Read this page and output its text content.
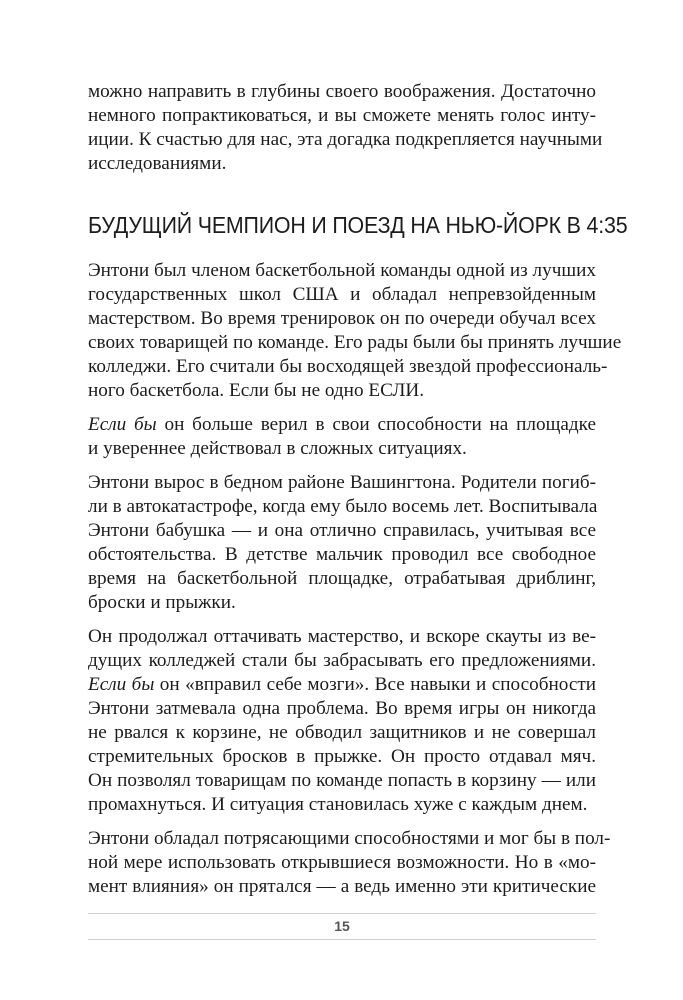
можно направить в глубины своего воображения. Достаточно
немного попрактиковаться, и вы сможете менять голос инту-
иции. К счастью для нас, эта догадка подкрепляется научными
исследованиями.
БУДУЩИЙ ЧЕМПИОН И ПОЕЗД НА НЬЮ-ЙОРК В 4:35
Энтони был членом баскетбольной команды одной из лучших
государственных школ США и обладал непревзойденным
мастерством. Во время тренировок он по очереди обучал всех
своих товарищей по команде. Его рады были бы принять лучшие
колледжи. Его считали бы восходящей звездой профессиональ-
ного баскетбола. Если бы не одно ЕСЛИ.
Если бы он больше верил в свои способности на площадке
и увереннее действовал в сложных ситуациях.
Энтони вырос в бедном районе Вашингтона. Родители погиб-
ли в автокатастрофе, когда ему было восемь лет. Воспитывала
Энтони бабушка — и она отлично справилась, учитывая все
обстоятельства. В детстве мальчик проводил все свободное
время на баскетбольной площадке, отрабатывая дриблинг,
броски и прыжки.
Он продолжал оттачивать мастерство, и вскоре скауты из ве-
дущих колледжей стали бы забрасывать его предложениями.
Если бы он «вправил себе мозги». Все навыки и способности
Энтони затмевала одна проблема. Во время игры он никогда
не рвался к корзине, не обводил защитников и не совершал
стремительных бросков в прыжке. Он просто отдавал мяч.
Он позволял товарищам по команде попасть в корзину — или
промахнуться. И ситуация становилась хуже с каждым днем.
Энтони обладал потрясающими способностями и мог бы в пол-
ной мере использовать открывшиеся возможности. Но в «мо-
мент влияния» он прятался — а ведь именно эти критические
15
